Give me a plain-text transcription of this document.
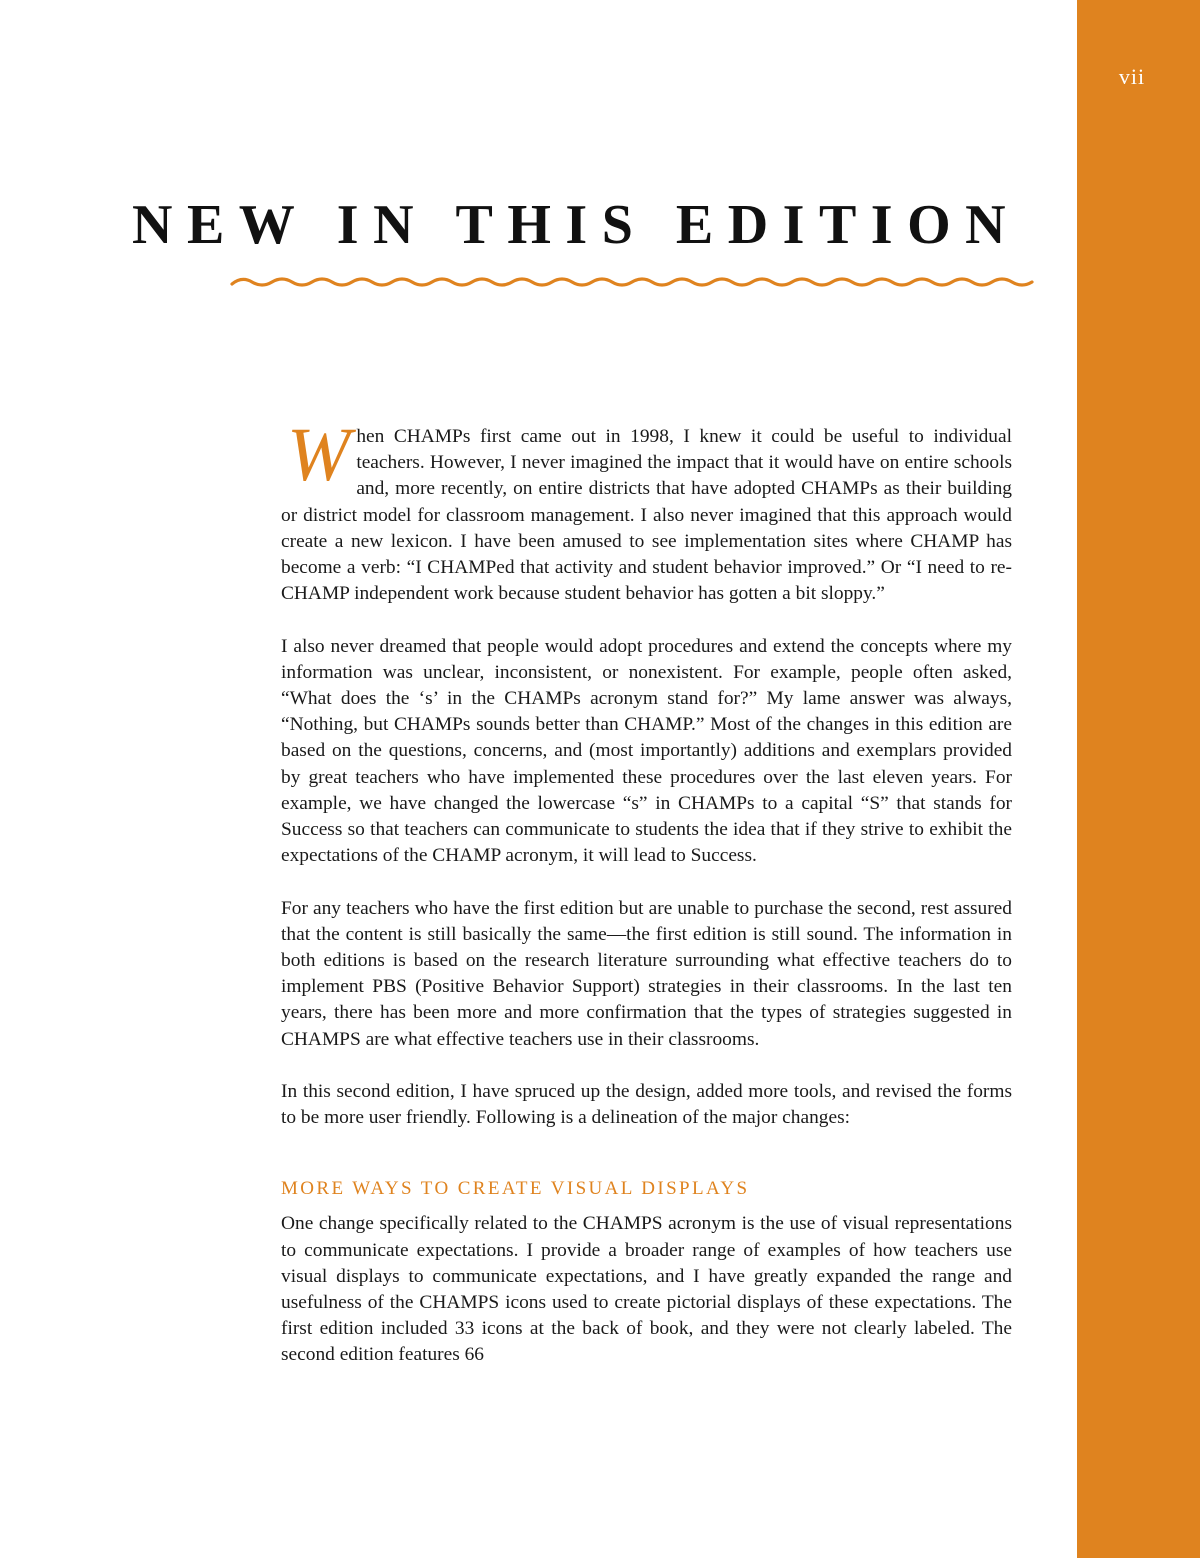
vii
NEW IN THIS EDITION

When CHAMPs first came out in 1998, I knew it could be useful to individual teachers. However, I never imagined the impact that it would have on entire schools and, more recently, on entire districts that have adopted CHAMPs as their building or district model for classroom management. I also never imagined that this approach would create a new lexicon. I have been amused to see implementation sites where CHAMP has become a verb: “I CHAMPed that activity and student behavior improved.” Or “I need to re-CHAMP independent work because student behavior has gotten a bit sloppy.”

I also never dreamed that people would adopt procedures and extend the concepts where my information was unclear, inconsistent, or nonexistent. For example, people often asked, “What does the ‘s’ in the CHAMPs acronym stand for?” My lame answer was always, “Nothing, but CHAMPs sounds better than CHAMP.” Most of the changes in this edition are based on the questions, concerns, and (most importantly) additions and exemplars provided by great teachers who have implemented these procedures over the last eleven years. For example, we have changed the lowercase “s” in CHAMPs to a capital “S” that stands for Success so that teachers can communicate to students the idea that if they strive to exhibit the expectations of the CHAMP acronym, it will lead to Success.

For any teachers who have the first edition but are unable to purchase the second, rest assured that the content is still basically the same—the first edition is still sound. The information in both editions is based on the research literature surrounding what effective teachers do to implement PBS (Positive Behavior Support) strategies in their classrooms. In the last ten years, there has been more and more confirmation that the types of strategies suggested in CHAMPS are what effective teachers use in their classrooms.

In this second edition, I have spruced up the design, added more tools, and revised the forms to be more user friendly. Following is a delineation of the major changes:

MORE WAYS TO CREATE VISUAL DISPLAYS

One change specifically related to the CHAMPS acronym is the use of visual representations to communicate expectations. I provide a broader range of examples of how teachers use visual displays to communicate expectations, and I have greatly expanded the range and usefulness of the CHAMPS icons used to create pictorial displays of these expectations. The first edition included 33 icons at the back of book, and they were not clearly labeled. The second edition features 66
